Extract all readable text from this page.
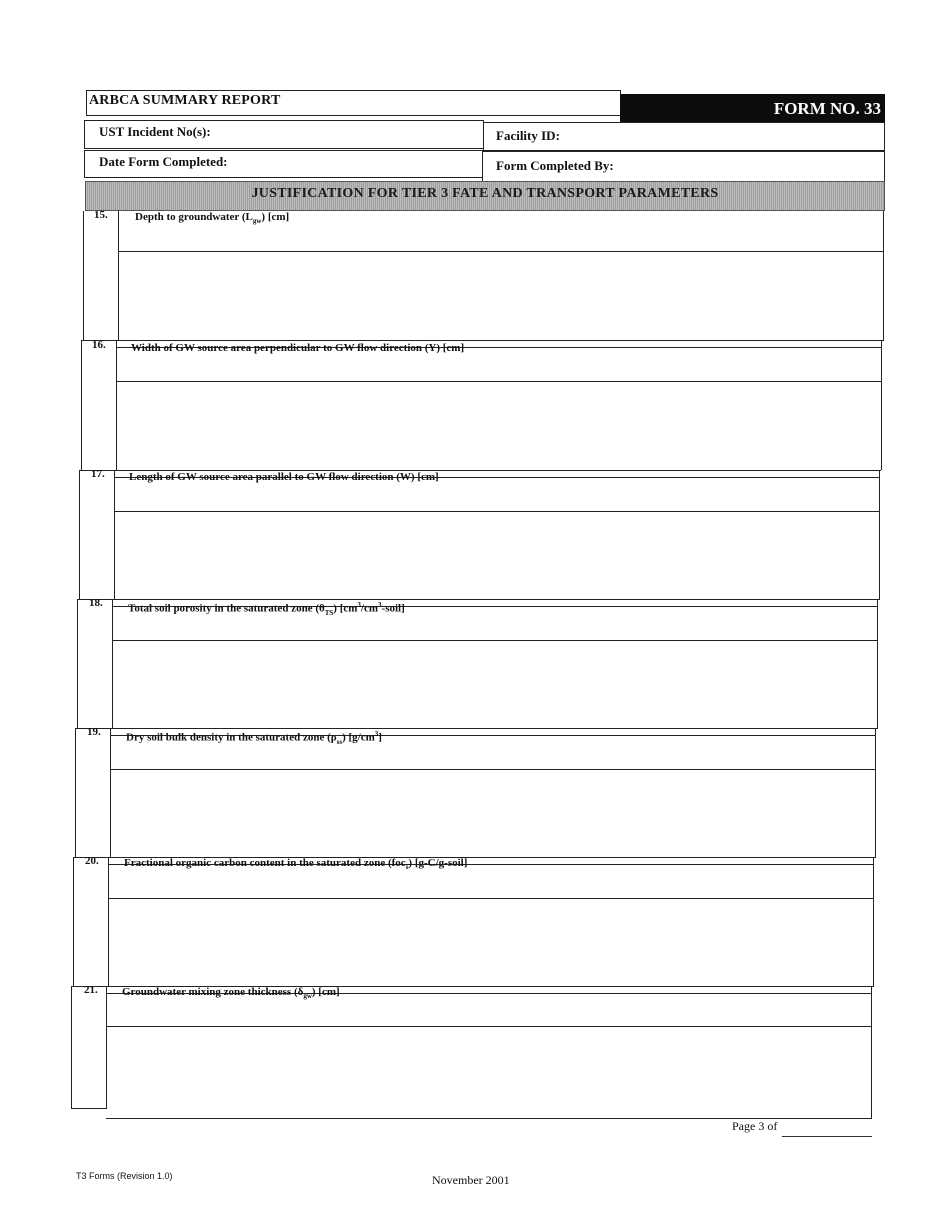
ARBCA SUMMARY REPORT	FORM NO. 33
UST Incident No(s):	Facility ID:
Date Form Completed:	Form Completed By:
JUSTIFICATION FOR TIER 3 FATE AND TRANSPORT PARAMETERS
15. Depth to groundwater $(L_{gw})$ [cm]
16. Width of GW source area perpendicular to GW flow direction (Y) [cm]
17. Length of GW source area parallel to GW flow direction (W) [cm]
18. Total soil porosity in the saturated zone $(\theta_{TS})$ $[cm^3/cm^3-soil]$
19. Dry soil bulk density in the saturated zone $(\rho_{ss})$ $[g/cm^3]$
20. Fractional organic carbon content in the saturated zone (foc$_s$) [g-C/g-soil]
21. Groundwater mixing zone thickness $(\delta_{gw})$ [cm]
Page 3 of
T3 Forms (Revision 1.0)	November 2001
